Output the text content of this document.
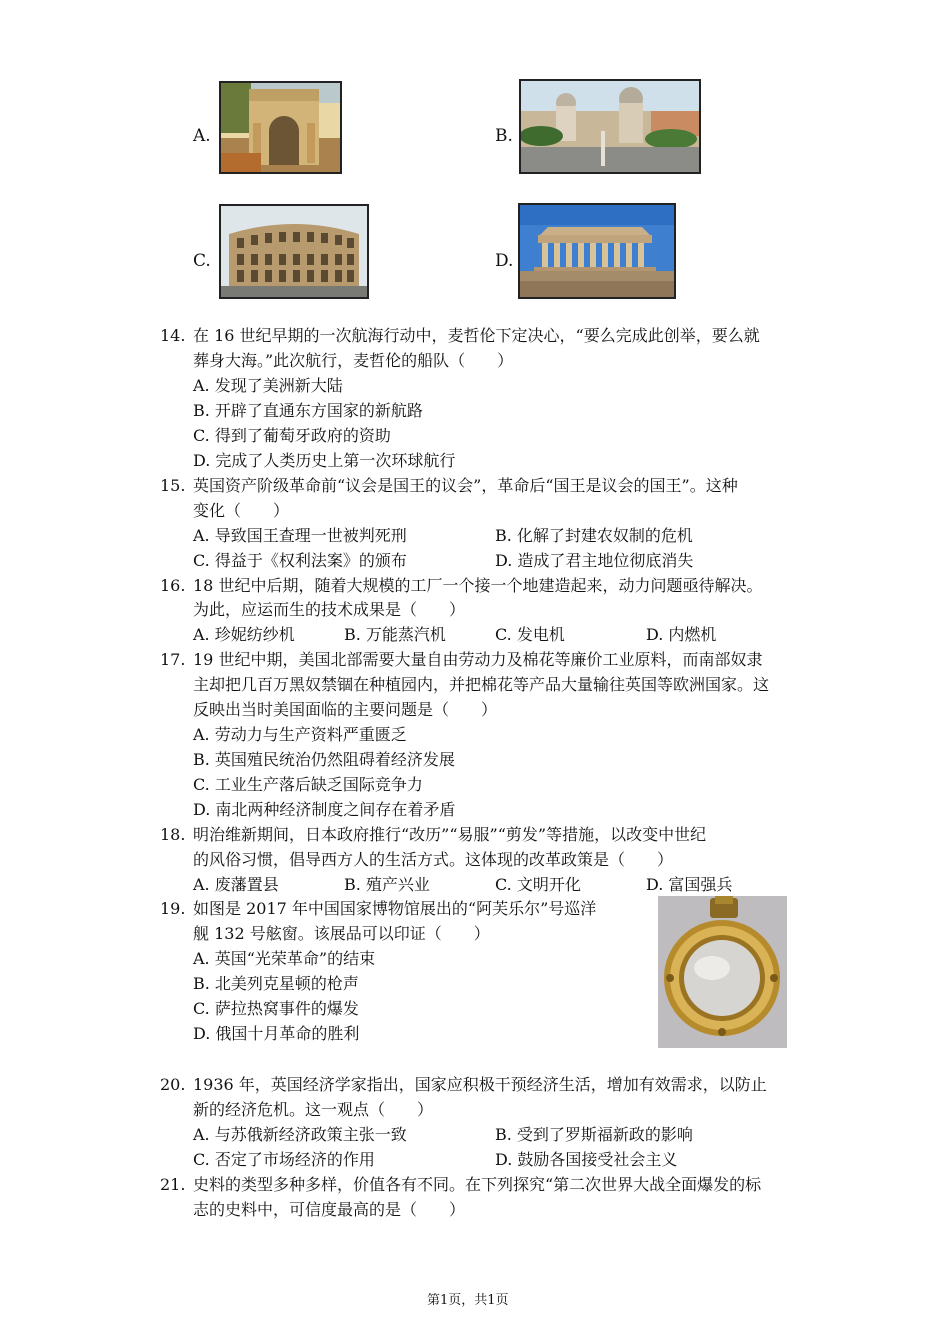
A.	B.
C.	D.
14. 在 16 世纪早期的一次航海行动中，麦哲伦下定决心，“要么完成此创举，要么就
葬身大海。”此次航行，麦哲伦的船队（　　）
A. 发现了美洲新大陆
B. 开辟了直通东方国家的新航路
C. 得到了葡萄牙政府的资助
D. 完成了人类历史上第一次环球航行
15. 英国资产阶级革命前“议会是国王的议会”，革命后“国王是议会的国王”。这种
变化（　　）
A. 导致国王查理一世被判死刑	B. 化解了封建农奴制的危机
C. 得益于《权利法案》的颁布	D. 造成了君主地位彻底消失
16. 18 世纪中后期，随着大规模的工厂一个接一个地建造起来，动力问题亟待解决。
为此，应运而生的技术成果是（　　）
A. 珍妮纺纱机	B. 万能蒸汽机	C. 发电机	D. 内燃机
17. 19 世纪中期，美国北部需要大量自由劳动力及棉花等廉价工业原料，而南部奴隶
主却把几百万黑奴禁锢在种植园内，并把棉花等产品大量输往英国等欧洲国家。这
反映出当时美国面临的主要问题是（　　）
A. 劳动力与生产资料严重匮乏
B. 英国殖民统治仍然阻碍着经济发展
C. 工业生产落后缺乏国际竞争力
D. 南北两种经济制度之间存在着矛盾
18. 明治维新期间，日本政府推行“改历”“易服”“剪发”等措施，以改变中世纪
的风俗习惯，倡导西方人的生活方式。这体现的改革政策是（　　）
A. 废藩置县	B. 殖产兴业	C. 文明开化	D. 富国强兵
19. 如图是 2017 年中国国家博物馆展出的“阿芙乐尔”号巡洋
舰 132 号舷窗。该展品可以印证（　　）
A. 英国“光荣革命”的结束
B. 北美列克星顿的枪声
C. 萨拉热窝事件的爆发
D. 俄国十月革命的胜利
20. 1936 年，英国经济学家指出，国家应积极干预经济生活，增加有效需求，以防止
新的经济危机。这一观点（　　）
A. 与苏俄新经济政策主张一致	B. 受到了罗斯福新政的影响
C. 否定了市场经济的作用	D. 鼓励各国接受社会主义
21. 史料的类型多种多样，价值各有不同。在下列探究“第二次世界大战全面爆发的标
志的史料中，可信度最高的是（　　）
第1页，共1页
